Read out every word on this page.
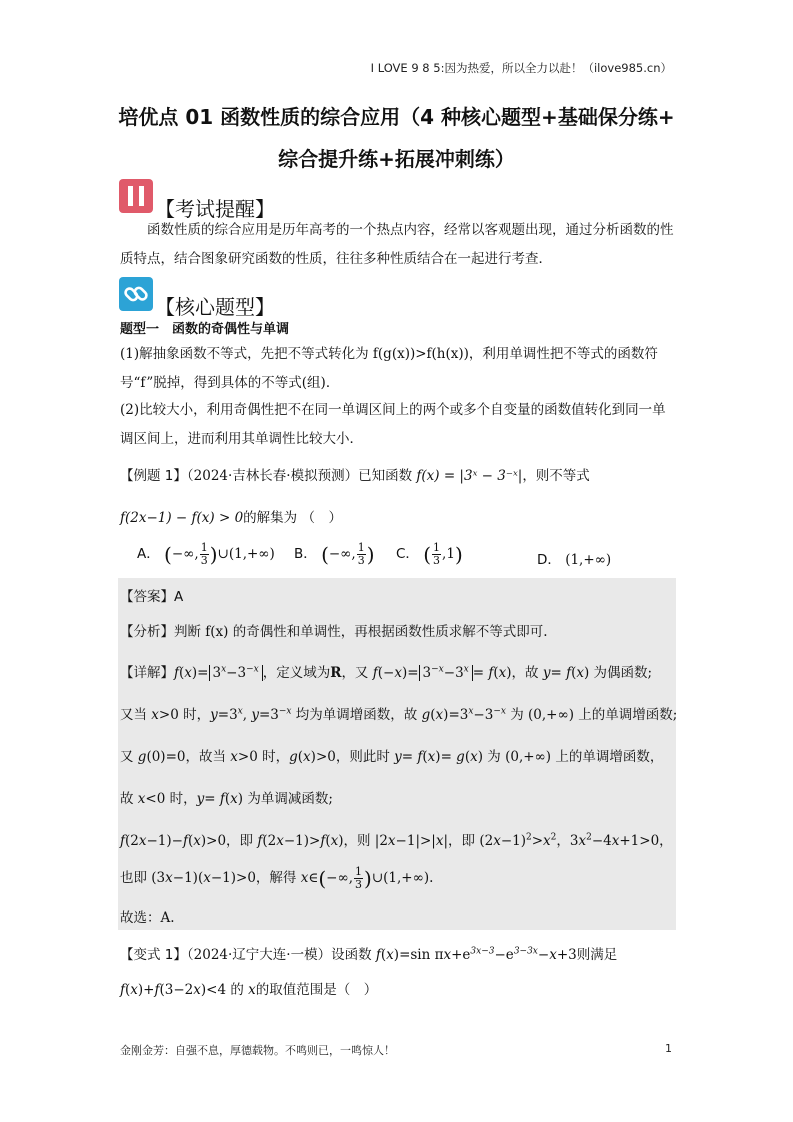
I LOVE 9 8 5:因为热爱，所以全力以赴！（ilove985.cn）
培优点 01 函数性质的综合应用（4 种核心题型+基础保分练+
综合提升练+拓展冲刺练）
【考试提醒】
函数性质的综合应用是历年高考的一个热点内容，经常以客观题出现，通过分析函数的性质特点，结合图象研究函数的性质，往往多种性质结合在一起进行考查．
【核心题型】
题型一　函数的奇偶性与单调
(1)解抽象函数不等式，先把不等式转化为 f(g(x))>f(h(x))，利用单调性把不等式的函数符号“f”脱掉，得到具体的不等式(组)．
(2)比较大小，利用奇偶性把不在同一单调区间上的两个或多个自变量的函数值转化到同一单调区间上，进而利用其单调性比较大小．
【例题 1】（2024·吉林长春·模拟预测）已知函数 f(x) = |3ˣ − 3⁻ˣ|，则不等式
f(2x−1) − f(x) > 0的解集为 （　）
A． (−∞, $\frac{1}{3}$ )∪(1,+∞) B． (−∞, $\frac{1}{3}$ ) C． ( $\frac{1}{3} ,1$)	D． (1,+∞)
【答案】A
【分析】判断 f(x) 的奇偶性和单调性，再根据函数性质求解不等式即可.
【详解】$f(x)= 3^x-3^{-x}$ ，定义域为R，又 $f(-x)= 3^{-x}-3^x = f(x)$，故 y= f(x) 为偶函数;
又当 x>0 时，$y=3^x$, $y=3^{-x}$ 均为单调增函数，故 $g(x)=3^x-3^{-x}$ 为 (0,+∞) 上的单调增函数;
又 g(0)=0，故当 x>0 时，g(x)>0，则此时 y= f(x)= g(x) 为 (0,+∞) 上的单调增函数，
故 x<0 时，y= f(x) 为单调减函数;
f(2x−1)−f(x)>0，即 f(2x−1)>f(x)，则 |2x−1|>|x|，即 $(2x-1)^2>x^2$，$3x^2-4x+1>0$，
也即 (3x−1)(x−1)>0，解得 x∈(−∞, $\frac{1}{3}$ )∪(1,+∞).
故选：A.
【变式 1】（2024·辽宁大连·一模）设函数 f(x)=sin $\pi x+e^{3x-3}-e^{3-3x}-x+3$则满足
f(x)+f(3−2x)<4 的 x的取值范围是（　）
金刚金芳：自强不息，厚德载物。不鸣则已，一鸣惊人！	1
